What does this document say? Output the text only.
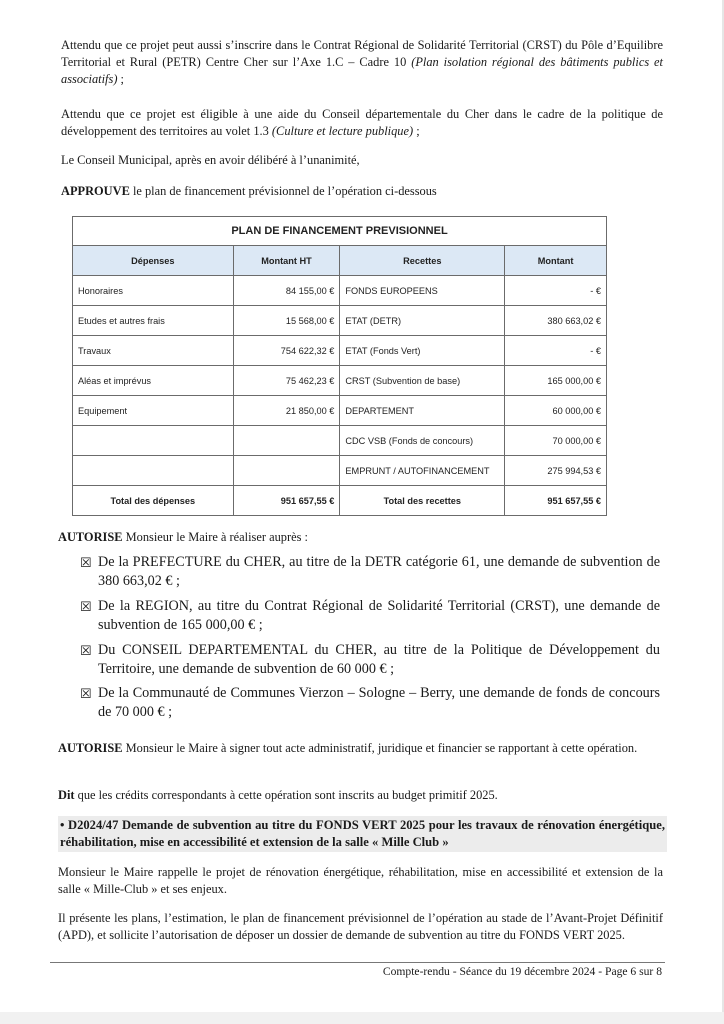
Attendu que ce projet peut aussi s’inscrire dans le Contrat Régional de Solidarité Territorial (CRST) du Pôle d’Equilibre Territorial et Rural (PETR) Centre Cher sur l’Axe 1.C – Cadre 10 (Plan isolation régional des bâtiments publics et associatifs) ;
Attendu que ce projet est éligible à une aide du Conseil départementale du Cher dans le cadre de la politique de développement des territoires au volet 1.3 (Culture et lecture publique) ;
Le Conseil Municipal, après en avoir délibéré à l’unanimité,
APPROUVE le plan de financement prévisionnel de l’opération ci-dessous
PLAN DE FINANCEMENT PREVISIONNEL			
Dépenses	Montant HT	Recettes	Montant
Honoraires	84 155,00 €	FONDS EUROPEENS	- €
Etudes et autres frais	15 568,00 €	ETAT (DETR)	380 663,02 €
Travaux	754 622,32 €	ETAT (Fonds Vert)	- €
Aléas et imprévus	75 462,23 €	CRST (Subvention de base)	165 000,00 €
Equipement	21 850,00 €	DEPARTEMENT	60 000,00 €
		CDC VSB (Fonds de concours)	70 000,00 €
		EMPRUNT / AUTOFINANCEMENT	275 994,53 €
Total des dépenses	951 657,55 €	Total des recettes	951 657,55 €
AUTORISE Monsieur le Maire à réaliser auprès :
☒ De la PREFECTURE du CHER, au titre de la DETR catégorie 61, une demande de subvention de 380 663,02 € ;
☒ De la REGION, au titre du Contrat Régional de Solidarité Territorial (CRST), une demande de subvention de 165 000,00 € ;
☒ Du CONSEIL DEPARTEMENTAL du CHER, au titre de la Politique de Développement du Territoire, une demande de subvention de 60 000 € ;
☒ De la Communauté de Communes Vierzon – Sologne – Berry, une demande de fonds de concours de 70 000 € ;
AUTORISE Monsieur le Maire à signer tout acte administratif, juridique et financier se rapportant à cette opération.
Dit que les crédits correspondants à cette opération sont inscrits au budget primitif 2025.
• D2024/47 Demande de subvention au titre du FONDS VERT 2025 pour les travaux de rénovation énergétique, réhabilitation, mise en accessibilité et extension de la salle « Mille Club »
Monsieur le Maire rappelle le projet de rénovation énergétique, réhabilitation, mise en accessibilité et extension de la salle « Mille-Club » et ses enjeux.
Il présente les plans, l’estimation, le plan de financement prévisionnel de l’opération au stade de l’Avant-Projet Définitif (APD), et sollicite l’autorisation de déposer un dossier de demande de subvention au titre du FONDS VERT 2025.
Compte-rendu - Séance du 19 décembre 2024 - Page 6 sur 8
